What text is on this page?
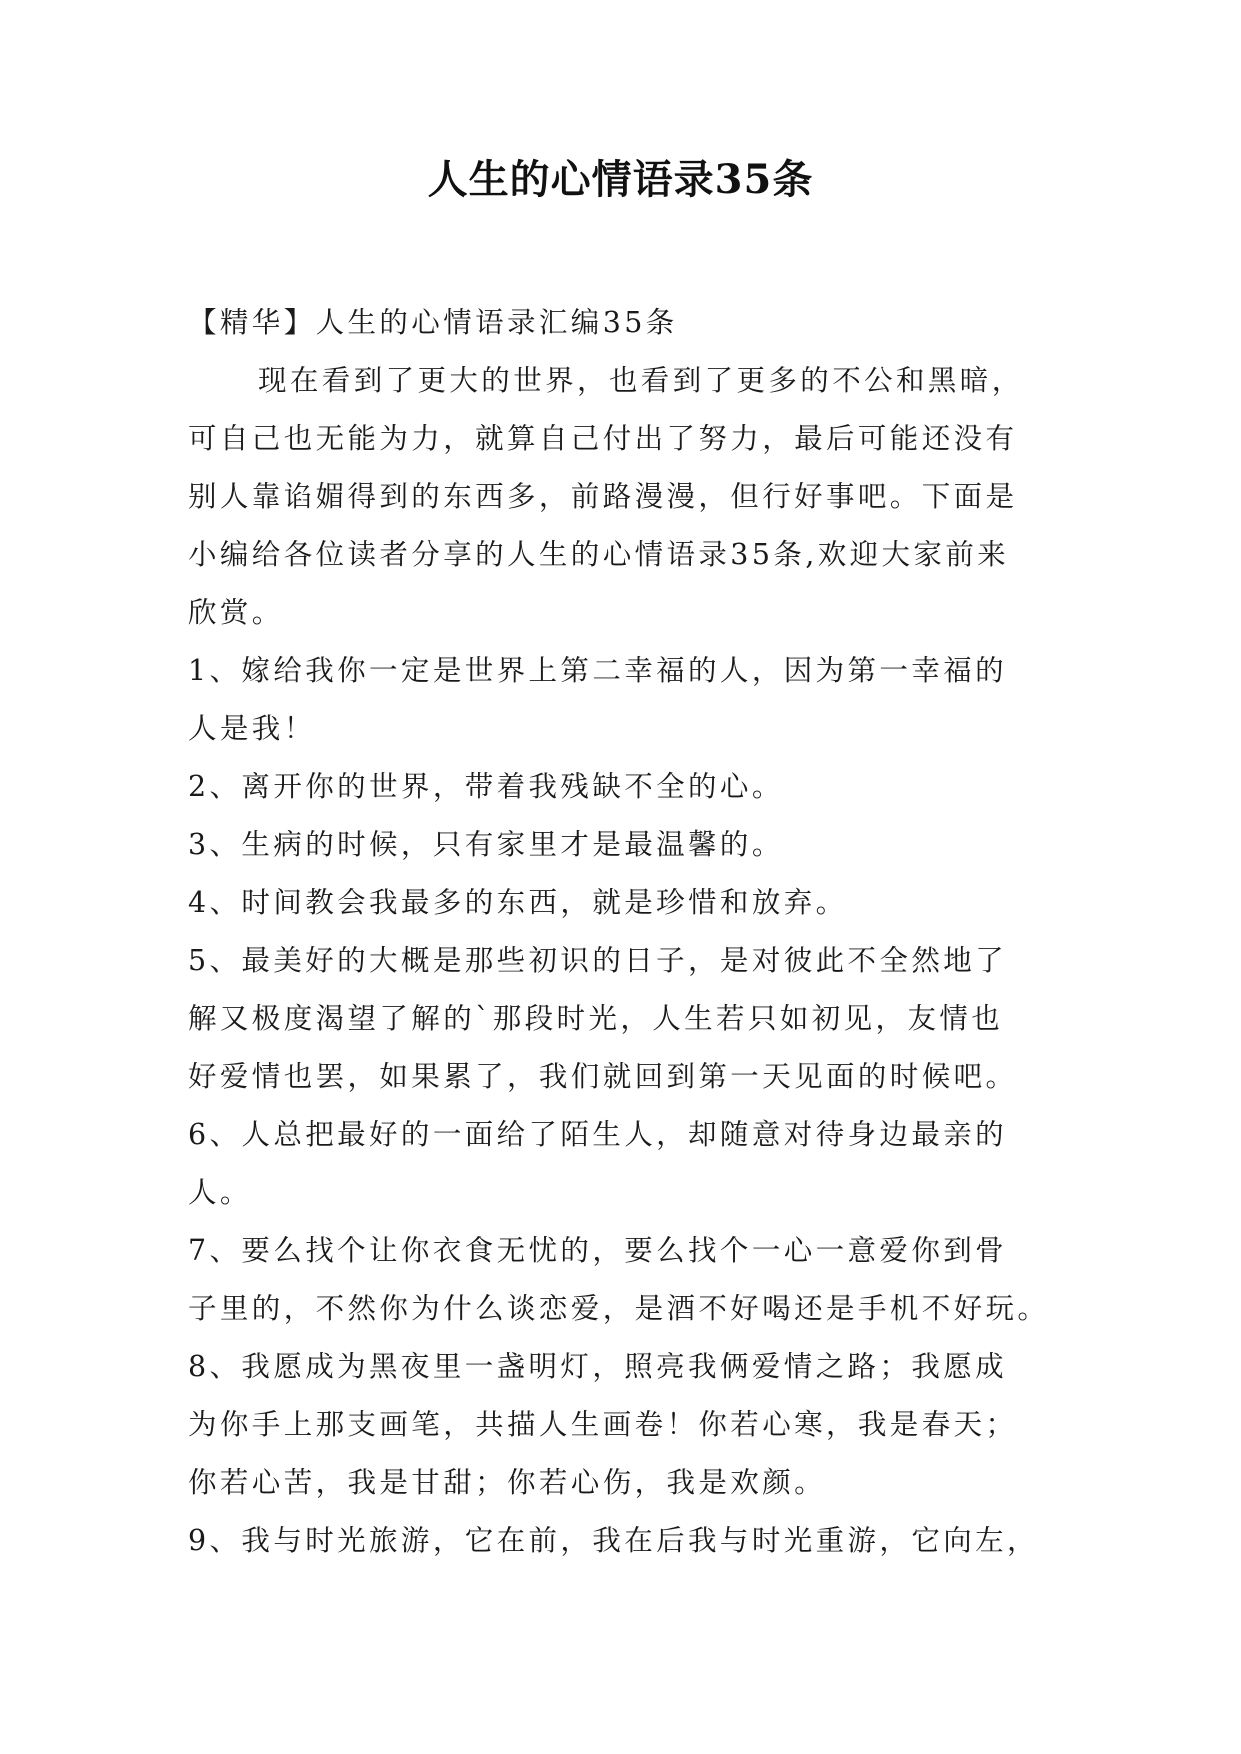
人生的心情语录35条
【精华】人生的心情语录汇编35条
现在看到了更大的世界，也看到了更多的不公和黑暗，
可自己也无能为力，就算自己付出了努力，最后可能还没有
别人靠谄媚得到的东西多，前路漫漫，但行好事吧。下面是
小编给各位读者分享的人生的心情语录35条,欢迎大家前来
欣赏。
1、嫁给我你一定是世界上第二幸福的人，因为第一幸福的
人是我！
2、离开你的世界，带着我残缺不全的心。
3、生病的时候，只有家里才是最温馨的。
4、时间教会我最多的东西，就是珍惜和放弃。
5、最美好的大概是那些初识的日子，是对彼此不全然地了
解又极度渴望了解的`那段时光，人生若只如初见，友情也
好爱情也罢，如果累了，我们就回到第一天见面的时候吧。
6、人总把最好的一面给了陌生人，却随意对待身边最亲的
人。
7、要么找个让你衣食无忧的，要么找个一心一意爱你到骨
子里的，不然你为什么谈恋爱，是酒不好喝还是手机不好玩。
8、我愿成为黑夜里一盏明灯，照亮我俩爱情之路；我愿成
为你手上那支画笔，共描人生画卷！你若心寒，我是春天；
你若心苦，我是甘甜；你若心伤，我是欢颜。
9、我与时光旅游，它在前，我在后我与时光重游，它向左，
